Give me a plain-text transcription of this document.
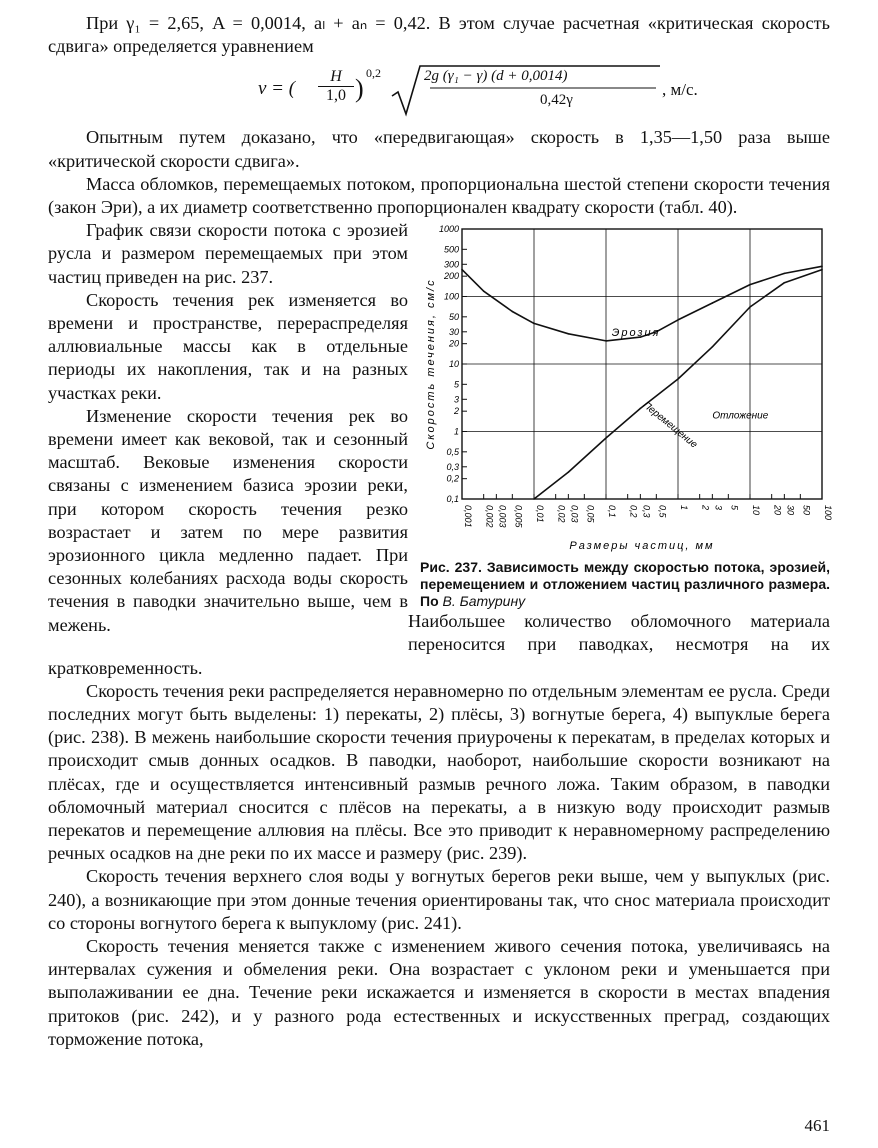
При γ₁ = 2,65, A = 0,0014, aₗ + aₙ = 0,42. В этом случае расчетная «критическая скорость сдвига» определяется уравнением

v = ( $\frac{H}{1,0}$ )
0,2	2g (γ₁ − γ) (d + 0,0014)
0,42γ
, м/с.

Опытным путем доказано, что «передвигающая» скорость в 1,35—1,50 раза выше «критической скорости сдвига».

Масса обломков, перемещаемых потоком, пропорциональна шестой степени скорости течения (закон Эри), а их диаметр соответственно пропорционален квадрату скорости (табл. 40).

График связи скорости потока с эрозией русла и размером перемещаемых при этом частиц приведен на рис. 237.

Скорость течения рек изменяется во времени и пространстве, перераспределяя аллювиальные массы как в отдельные периоды их накопления, так и на разных участках реки.

Изменение скорости течения рек во времени имеет как вековой, так и сезонный масштаб. Вековые изменения скорости связаны с изменением базиса эрозии реки, при котором скорость течения резко возрастает и затем по мере развития эрозионного цикла медленно падает. При сезонных колебаниях расхода воды скорость течения в паводки значительно выше, чем в межень.

0,1
0,2
0,3
0,5
1
2
3
5
10
20
30
50
100
200
300
500
1000
0,001 0,002 0,003 0,005 0,01 0,02 0,03 0,05 0,1 0,2 0,3 0,5 1 2 3 5 10 20 30 50 100
Скорость течения, см/с
Размеры частиц, мм
Эрозия
Перемещение Отложение
Рис. 237. Зависимость между скоростью потока, эрозией, перемещением и отложением частиц различного размера. По В. Батурину

Наибольшее количество обломочного материала переносится при паводках, несмотря на их кратковременность.

Скорость течения реки распределяется неравномерно по отдельным элементам ее русла. Среди последних могут быть выделены: 1) перекаты, 2) плёсы, 3) вогнутые берега, 4) выпуклые берега (рис. 238). В межень наибольшие скорости течения приурочены к перекатам, в пределах которых и происходит смыв донных осадков. В паводки, наоборот, наибольшие скорости возникают на плёсах, где и осуществляется интенсивный размыв речного ложа. Таким образом, в паводки обломочный материал сносится с плёсов на перекаты, а в низкую воду происходит размыв перекатов и перемещение аллювия на плёсы. Все это приводит к неравномерному распределению речных осадков на дне реки по их массе и размеру (рис. 239).

Скорость течения верхнего слоя воды у вогнутых берегов реки выше, чем у выпуклых (рис. 240), а возникающие при этом донные течения ориентированы так, что снос материала происходит со стороны вогнутого берега к выпуклому (рис. 241).

Скорость течения меняется также с изменением живого сечения потока, увеличиваясь на интервалах сужения и обмеления реки. Она возрастает с уклоном реки и уменьшается при выполаживании ее дна. Течение реки искажается и изменяется в скорости в местах впадения притоков (рис. 242), и у разного рода естественных и искусственных преград, создающих торможение потока,

461
